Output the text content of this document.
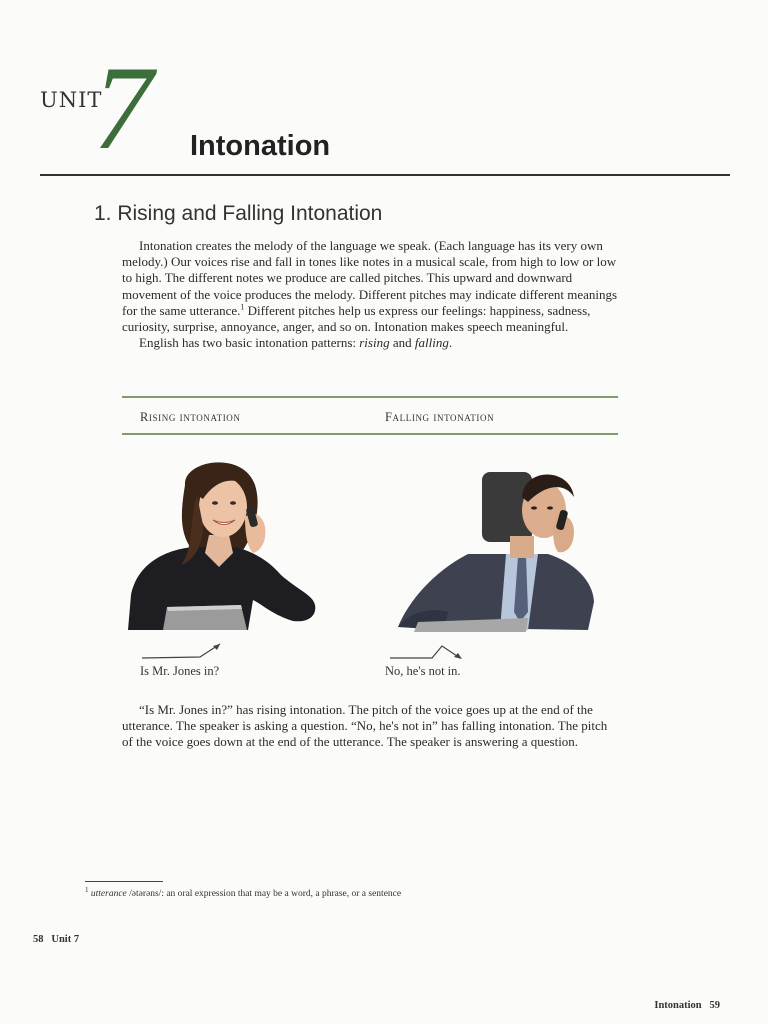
UNIT
7 Intonation
1. Rising and Falling Intonation

Intonation creates the melody of the language we speak. (Each language has its very own melody.) Our voices rise and fall in tones like notes in a musical scale, from high to low or low to high. The different notes we produce are called pitches. This upward and downward movement of the voice produces the melody. Different pitches may indicate different meanings for the same utterance.$^1$ Different pitches help us express our feelings: happiness, sadness, curiosity, surprise, annoyance, anger, and so on. Intonation makes speech meaningful.

English has two basic intonation patterns: rising and falling.

Rising intonation	Falling intonation
Is Mr. Jones in?	No, he's not in.

“Is Mr. Jones in?” has rising intonation. The pitch of the voice goes up at the end of the utterance. The speaker is asking a question. “No, he's not in” has falling intonation. The pitch of the voice goes down at the end of the utterance. The speaker is answering a question.

$^1$ utterance /ətərəns/: an oral expression that may be a word, a phrase, or a sentence
58   Unit 7
Intonation   59
